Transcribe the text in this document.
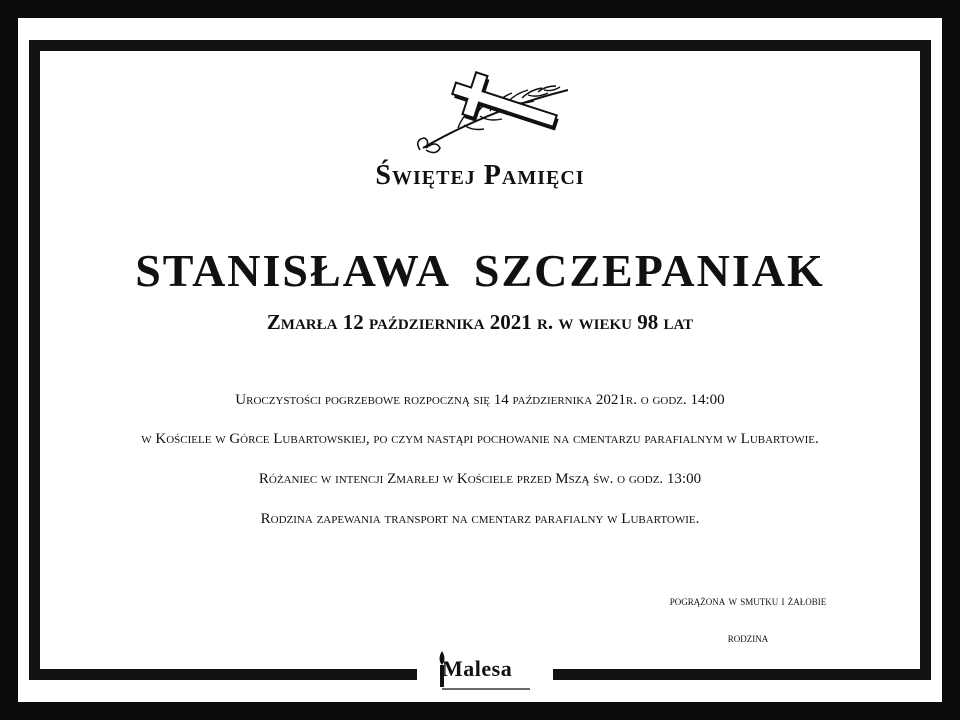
Świętej Pamięci
STANISŁAWA SZCZEPANIAK
Zmarła 12 października 2021 r. w wieku 98 lat
Uroczystości pogrzebowe rozpoczną się 14 października 2021r. o godz. 14:00
w Kościele w Górce Lubartowskiej, po czym nastąpi pochowanie na cmentarzu parafialnym w Lubartowie.
Różaniec w intencji Zmarłej w Kościele przed Mszą św. o godz. 13:00
Rodzina zapewania transport na cmentarz parafialny w Lubartowie.
pogrążona w smutku i żałobie
rodzina
Malesa
